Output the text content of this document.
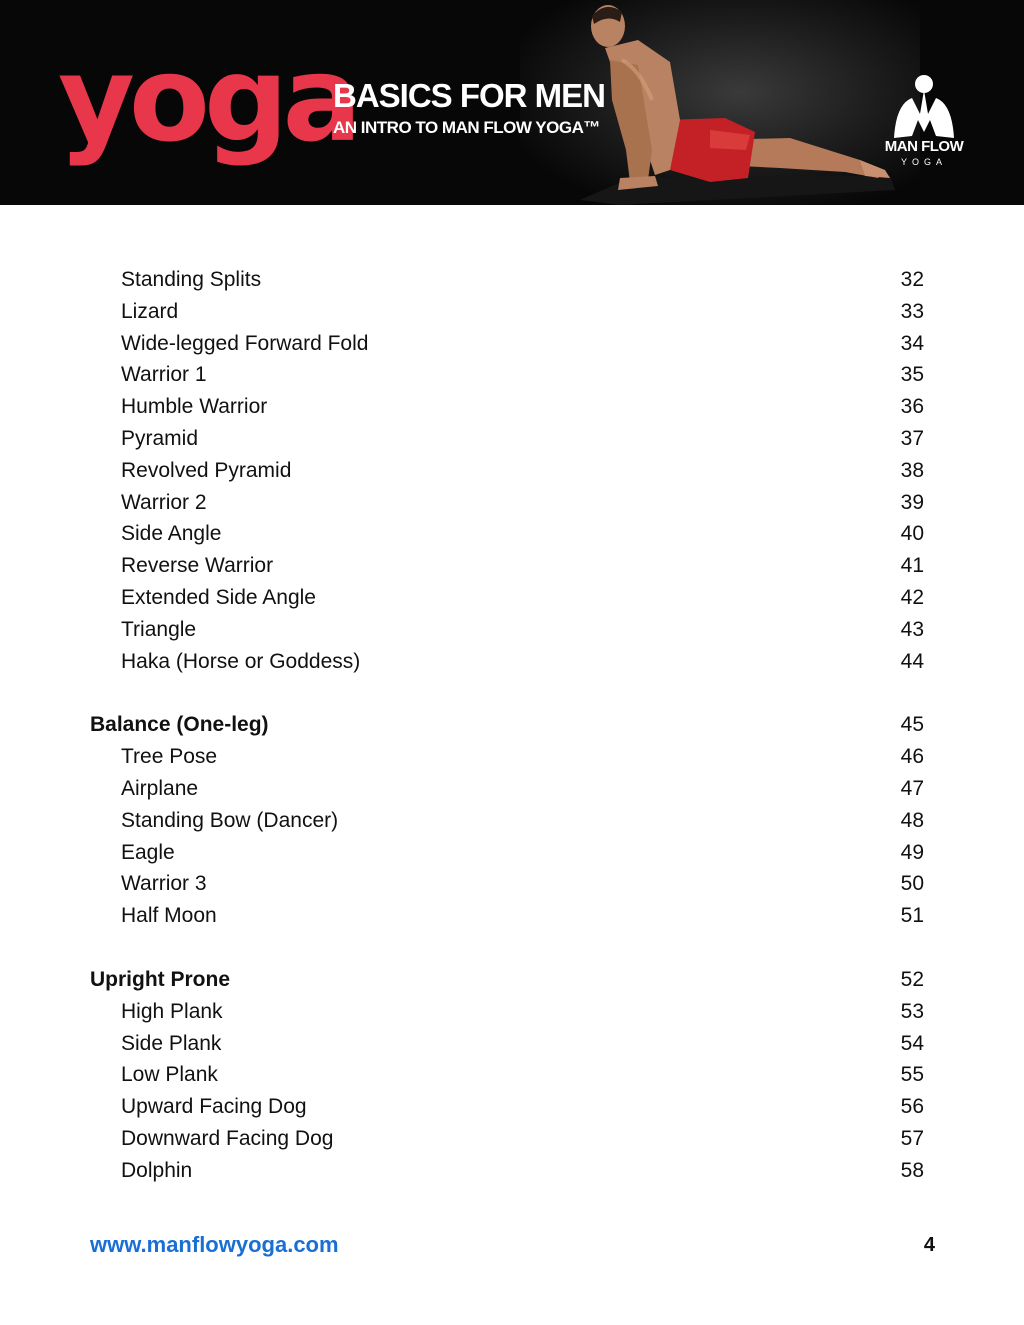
yoga
BASICS FOR MEN

AN INTRO TO MAN FLOW YOGA™

MAN FLOW
YOGA
Standing Splits	32
Lizard	33
Wide-legged Forward Fold	34
Warrior 1	35
Humble Warrior	36
Pyramid	37
Revolved Pyramid	38
Warrior 2	39
Side Angle	40
Reverse Warrior	41
Extended Side Angle	42
Triangle	43
Haka (Horse or Goddess)	44
Balance (One-leg)	45
Tree Pose	46
Airplane	47
Standing Bow (Dancer)	48
Eagle	49
Warrior 3	50
Half Moon	51
Upright Prone	52
High Plank	53
Side Plank	54
Low Plank	55
Upward Facing Dog	56
Downward Facing Dog	57
Dolphin	58
www.manflowyoga.com	4
